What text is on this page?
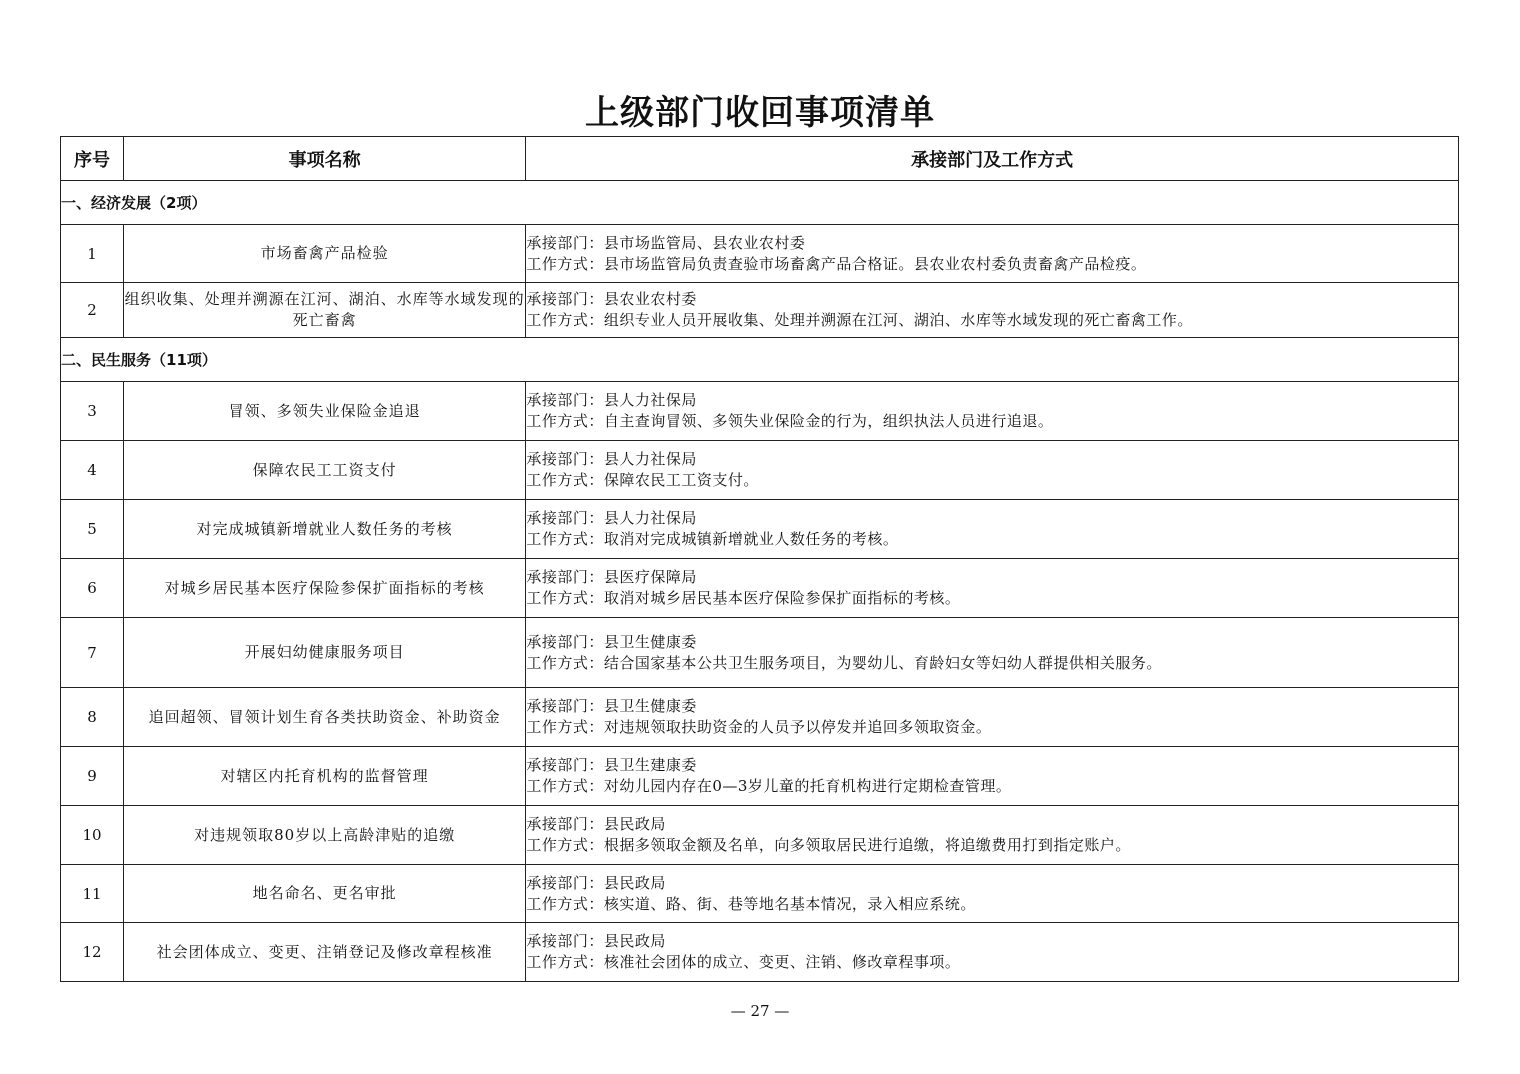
上级部门收回事项清单
序号	事项名称	承接部门及工作方式
一、经济发展（2项）		
1	市场畜禽产品检验	承接部门：县市场监管局、县农业农村委
工作方式：县市场监管局负责查验市场畜禽产品合格证。县农业农村委负责畜禽产品检疫。

2	组织收集、处理并溯源在江河、湖泊、水库等水域发现的死亡畜禽	承接部门：县农业农村委
工作方式：组织专业人员开展收集、处理并溯源在江河、湖泊、水库等水域发现的死亡畜禽工作。

二、民生服务（11项）		
3	冒领、多领失业保险金追退	承接部门：县人力社保局
工作方式：自主查询冒领、多领失业保险金的行为，组织执法人员进行追退。

4	保障农民工工资支付	承接部门：县人力社保局
工作方式：保障农民工工资支付。

5	对完成城镇新增就业人数任务的考核	承接部门：县人力社保局
工作方式：取消对完成城镇新增就业人数任务的考核。

6	对城乡居民基本医疗保险参保扩面指标的考核	承接部门：县医疗保障局
工作方式：取消对城乡居民基本医疗保险参保扩面指标的考核。

7	开展妇幼健康服务项目	承接部门：县卫生健康委
工作方式：结合国家基本公共卫生服务项目，为婴幼儿、育龄妇女等妇幼人群提供相关服务。

8	追回超领、冒领计划生育各类扶助资金、补助资金	承接部门：县卫生健康委
工作方式：对违规领取扶助资金的人员予以停发并追回多领取资金。

9	对辖区内托育机构的监督管理	承接部门：县卫生建康委
工作方式：对幼儿园内存在0—3岁儿童的托育机构进行定期检查管理。

10	对违规领取80岁以上高龄津贴的追缴	承接部门：县民政局
工作方式：根据多领取金额及名单，向多领取居民进行追缴，将追缴费用打到指定账户。

11	地名命名、更名审批	承接部门：县民政局
工作方式：核实道、路、街、巷等地名基本情况，录入相应系统。

12	社会团体成立、变更、注销登记及修改章程核准	承接部门：县民政局
工作方式：核准社会团体的成立、变更、注销、修改章程事项。
— 27 —
